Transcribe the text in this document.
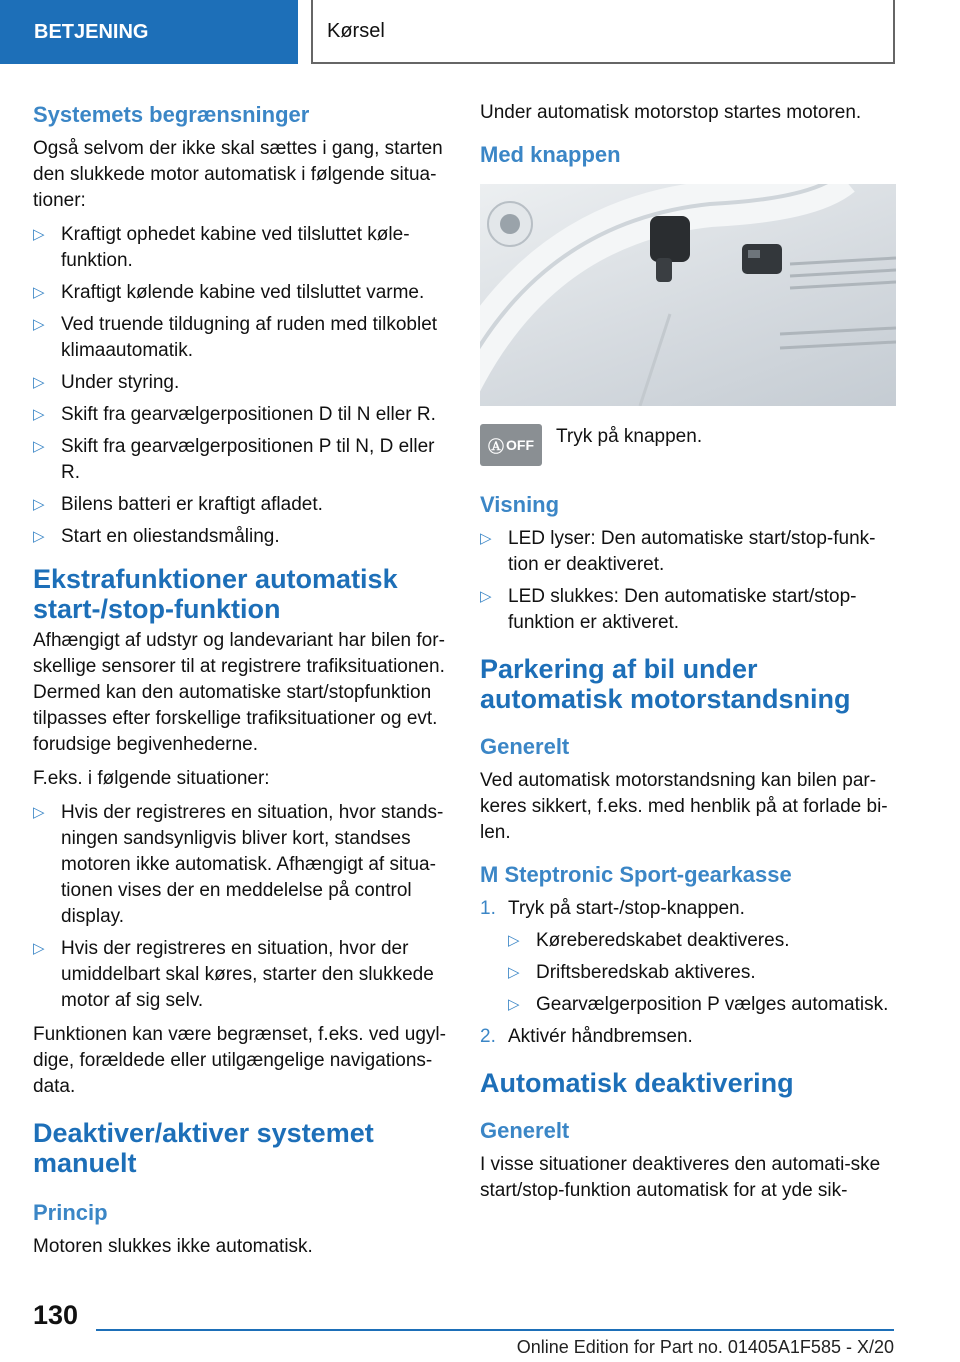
BETJENING	Kørsel
Systemets begrænsninger

Også selvom der ikke skal sættes i gang, starten den slukkede motor automatisk i følgende situa-tioner:

▷ Kraftigt ophedet kabine ved tilsluttet køle-funktion.
▷ Kraftigt kølende kabine ved tilsluttet varme.
▷ Ved truende tildugning af ruden med tilkoblet klimaautomatik.
▷ Under styring.
▷ Skift fra gearvælgerpositionen D til N eller R.
▷ Skift fra gearvælgerpositionen P til N, D eller R.
▷ Bilens batteri er kraftigt afladet.
▷ Start en oliestandsmåling.
Ekstrafunktioner automatisk start-/stop-funktion

Afhængigt af udstyr og landevariant har bilen for-skellige sensorer til at registrere trafiksituationen. Dermed kan den automatiske start/stopfunktion tilpasses efter forskellige trafiksituationer og evt. forudsige begivenhederne.

F.eks. i følgende situationer:

▷ Hvis der registreres en situation, hvor stands-ningen sandsynligvis bliver kort, standses motoren ikke automatisk. Afhængigt af situa-tionen vises der en meddelelse på control display.
▷ Hvis der registreres en situation, hvor der umiddelbart skal køres, starter den slukkede motor af sig selv.

Funktionen kan være begrænset, f.eks. ved ugyl-dige, forældede eller utilgængelige navigations-data.

Deaktiver/aktiver systemet manuelt
Princip

Motoren slukkes ikke automatisk.

Under automatisk motorstop startes motoren.

Med knappen
Ⓐ OFF Tryk på knappen.

Visning
▷ LED lyser: Den automatiske start/stop-funk-tion er deaktiveret.
▷ LED slukkes: Den automatiske start/stop-funktion er aktiveret.
Parkering af bil under automatisk motorstandsning
Generelt

Ved automatisk motorstandsning kan bilen par-keres sikkert, f.eks. med henblik på at forlade bi-len.

M Steptronic Sport-gearkasse
1. Tryk på start-/stop-knappen.
▷ Køreberedskabet deaktiveres.
▷ Driftsberedskab aktiveres.
▷ Gearvælgerposition P vælges automatisk.
2. Aktivér håndbremsen.
Automatisk deaktivering
Generelt

I visse situationer deaktiveres den automati-ske start/stop-funktion automatisk for at yde sik-

130
Online Edition for Part no. 01405A1F585 - X/20
